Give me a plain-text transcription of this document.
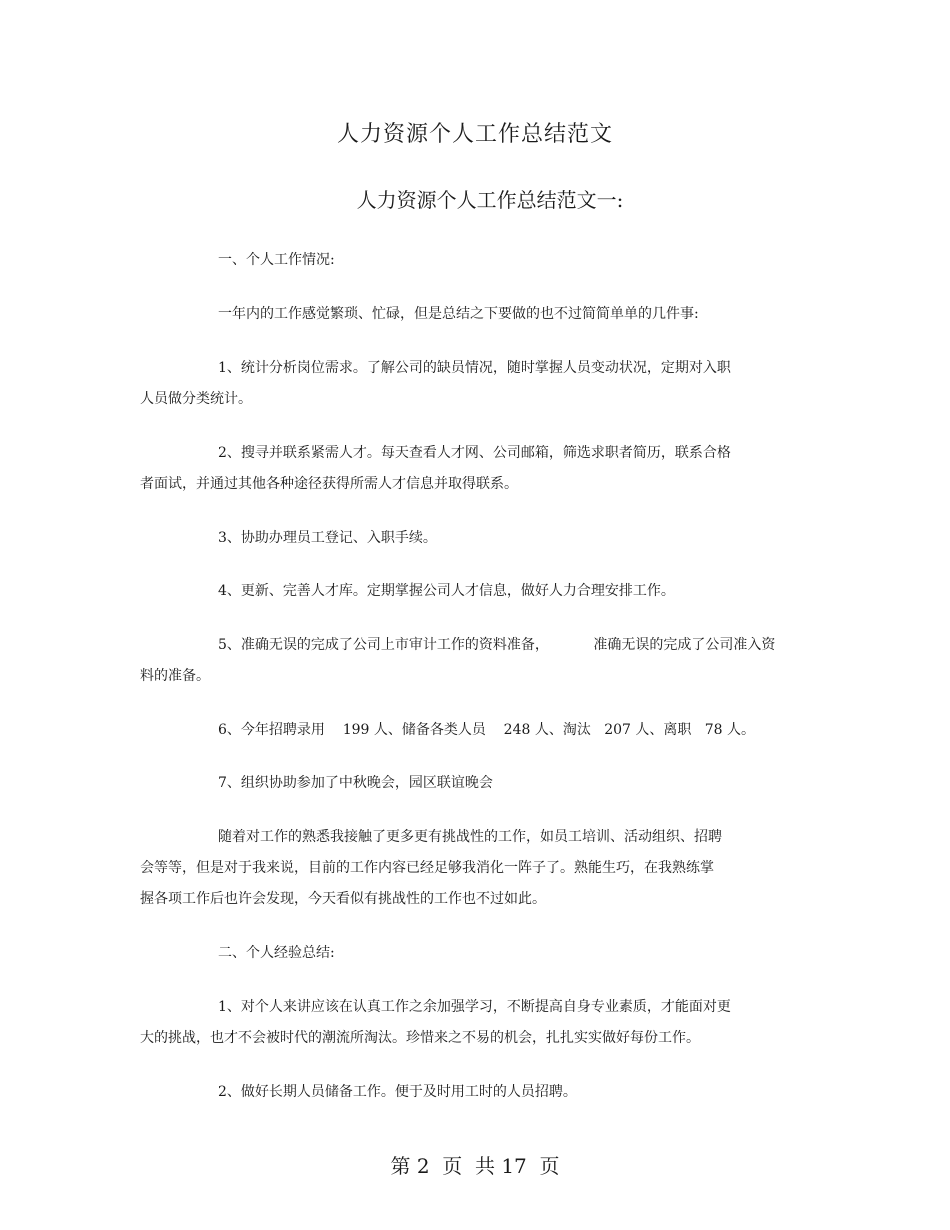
人力资源个人工作总结范文
人力资源个人工作总结范文一:
一、个人工作情况:
一年内的工作感觉繁琐、忙碌，但是总结之下要做的也不过简简单单的几件事:
1、统计分析岗位需求。了解公司的缺员情况，随时掌握人员变动状况，定期对入职
人员做分类统计。
2、搜寻并联系紧需人才。每天查看人才网、公司邮箱，筛选求职者简历，联系合格
者面试，并通过其他各种途径获得所需人才信息并取得联系。
3、协助办理员工登记、入职手续。
4、更新、完善人才库。定期掌握公司人才信息，做好人力合理安排工作。
5、准确无误的完成了公司上市审计工作的资料准备，          准确无误的完成了公司准入资
料的准备。
6、今年招聘录用    199 人、储备各类人员    248 人、淘汰   207 人、离职   78 人。
7、组织协助参加了中秋晚会，园区联谊晚会
随着对工作的熟悉我接触了更多更有挑战性的工作，如员工培训、活动组织、招聘
会等等，但是对于我来说，目前的工作内容已经足够我消化一阵子了。熟能生巧，在我熟练掌
握各项工作后也许会发现，今天看似有挑战性的工作也不过如此。
二、个人经验总结:
1、对个人来讲应该在认真工作之余加强学习，不断提高自身专业素质，才能面对更
大的挑战，也才不会被时代的潮流所淘汰。珍惜来之不易的机会，扎扎实实做好每份工作。
2、做好长期人员储备工作。便于及时用工时的人员招聘。
第 2  页  共 17  页
